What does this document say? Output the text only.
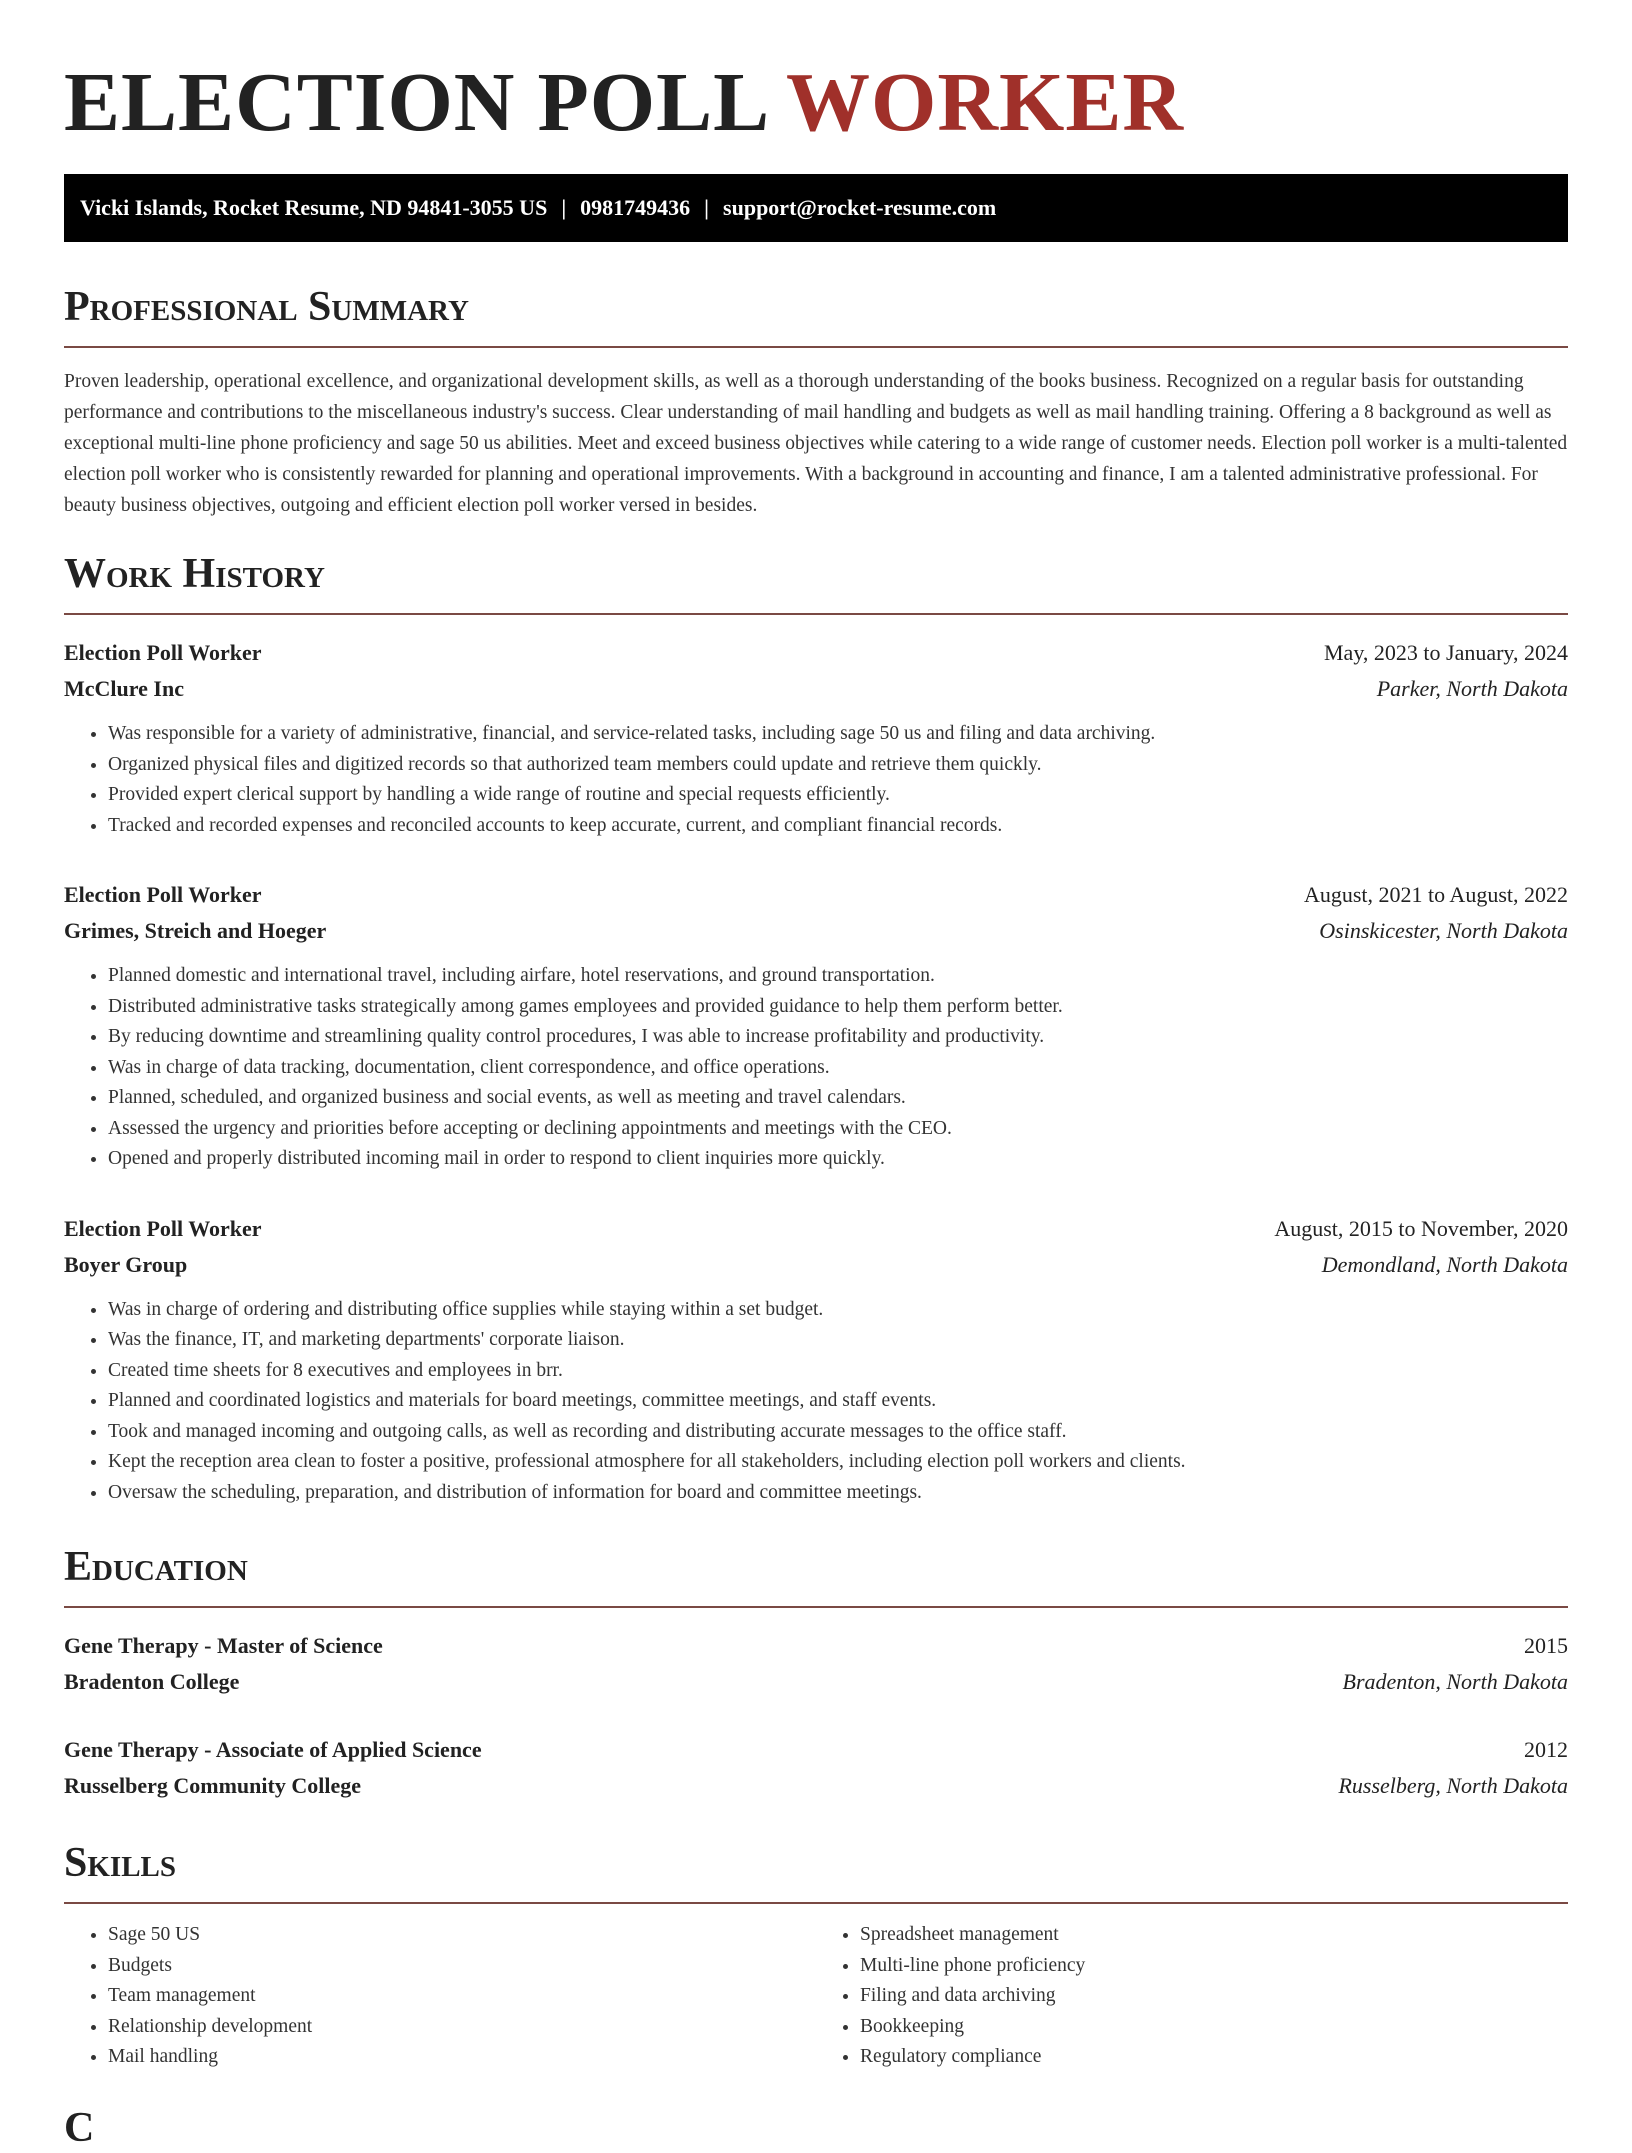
ELECTION POLL WORKER
Vicki Islands, Rocket Resume, ND 94841-3055 US | 0981749436 | support@rocket-resume.com
Professional Summary

Proven leadership, operational excellence, and organizational development skills, as well as a thorough understanding of the books business. Recognized on a regular basis for outstanding performance and contributions to the miscellaneous industry's success. Clear understanding of mail handling and budgets as well as mail handling training. Offering a 8 background as well as exceptional multi-line phone proficiency and sage 50 us abilities. Meet and exceed business objectives while catering to a wide range of customer needs. Election poll worker is a multi-talented election poll worker who is consistently rewarded for planning and operational improvements. With a background in accounting and finance, I am a talented administrative professional. For beauty business objectives, outgoing and efficient election poll worker versed in besides.

Work History
Election Poll Worker	May, 2023 to January, 2024
McClure Inc	Parker, North Dakota
• Was responsible for a variety of administrative, financial, and service-related tasks, including sage 50 us and filing and data archiving.
• Organized physical files and digitized records so that authorized team members could update and retrieve them quickly.
• Provided expert clerical support by handling a wide range of routine and special requests efficiently.
• Tracked and recorded expenses and reconciled accounts to keep accurate, current, and compliant financial records.
Election Poll Worker	August, 2021 to August, 2022
Grimes, Streich and Hoeger	Osinskicester, North Dakota
• Planned domestic and international travel, including airfare, hotel reservations, and ground transportation.
• Distributed administrative tasks strategically among games employees and provided guidance to help them perform better.
• By reducing downtime and streamlining quality control procedures, I was able to increase profitability and productivity.
• Was in charge of data tracking, documentation, client correspondence, and office operations.
• Planned, scheduled, and organized business and social events, as well as meeting and travel calendars.
• Assessed the urgency and priorities before accepting or declining appointments and meetings with the CEO.
• Opened and properly distributed incoming mail in order to respond to client inquiries more quickly.
Election Poll Worker	August, 2015 to November, 2020
Boyer Group	Demondland, North Dakota
• Was in charge of ordering and distributing office supplies while staying within a set budget.
• Was the finance, IT, and marketing departments' corporate liaison.
• Created time sheets for 8 executives and employees in brr.
• Planned and coordinated logistics and materials for board meetings, committee meetings, and staff events.
• Took and managed incoming and outgoing calls, as well as recording and distributing accurate messages to the office staff.
• Kept the reception area clean to foster a positive, professional atmosphere for all stakeholders, including election poll workers and clients.
• Oversaw the scheduling, preparation, and distribution of information for board and committee meetings.
Education
Gene Therapy - Master of Science	2015
Bradenton College	Bradenton, North Dakota
Gene Therapy - Associate of Applied Science	2012
Russelberg Community College	Russelberg, North Dakota
Skills
• Sage 50 US
• Budgets
• Team management
• Relationship development
• Mail handling
• Spreadsheet management
• Multi-line phone proficiency
• Filing and data archiving
• Bookkeeping
• Regulatory compliance
C
